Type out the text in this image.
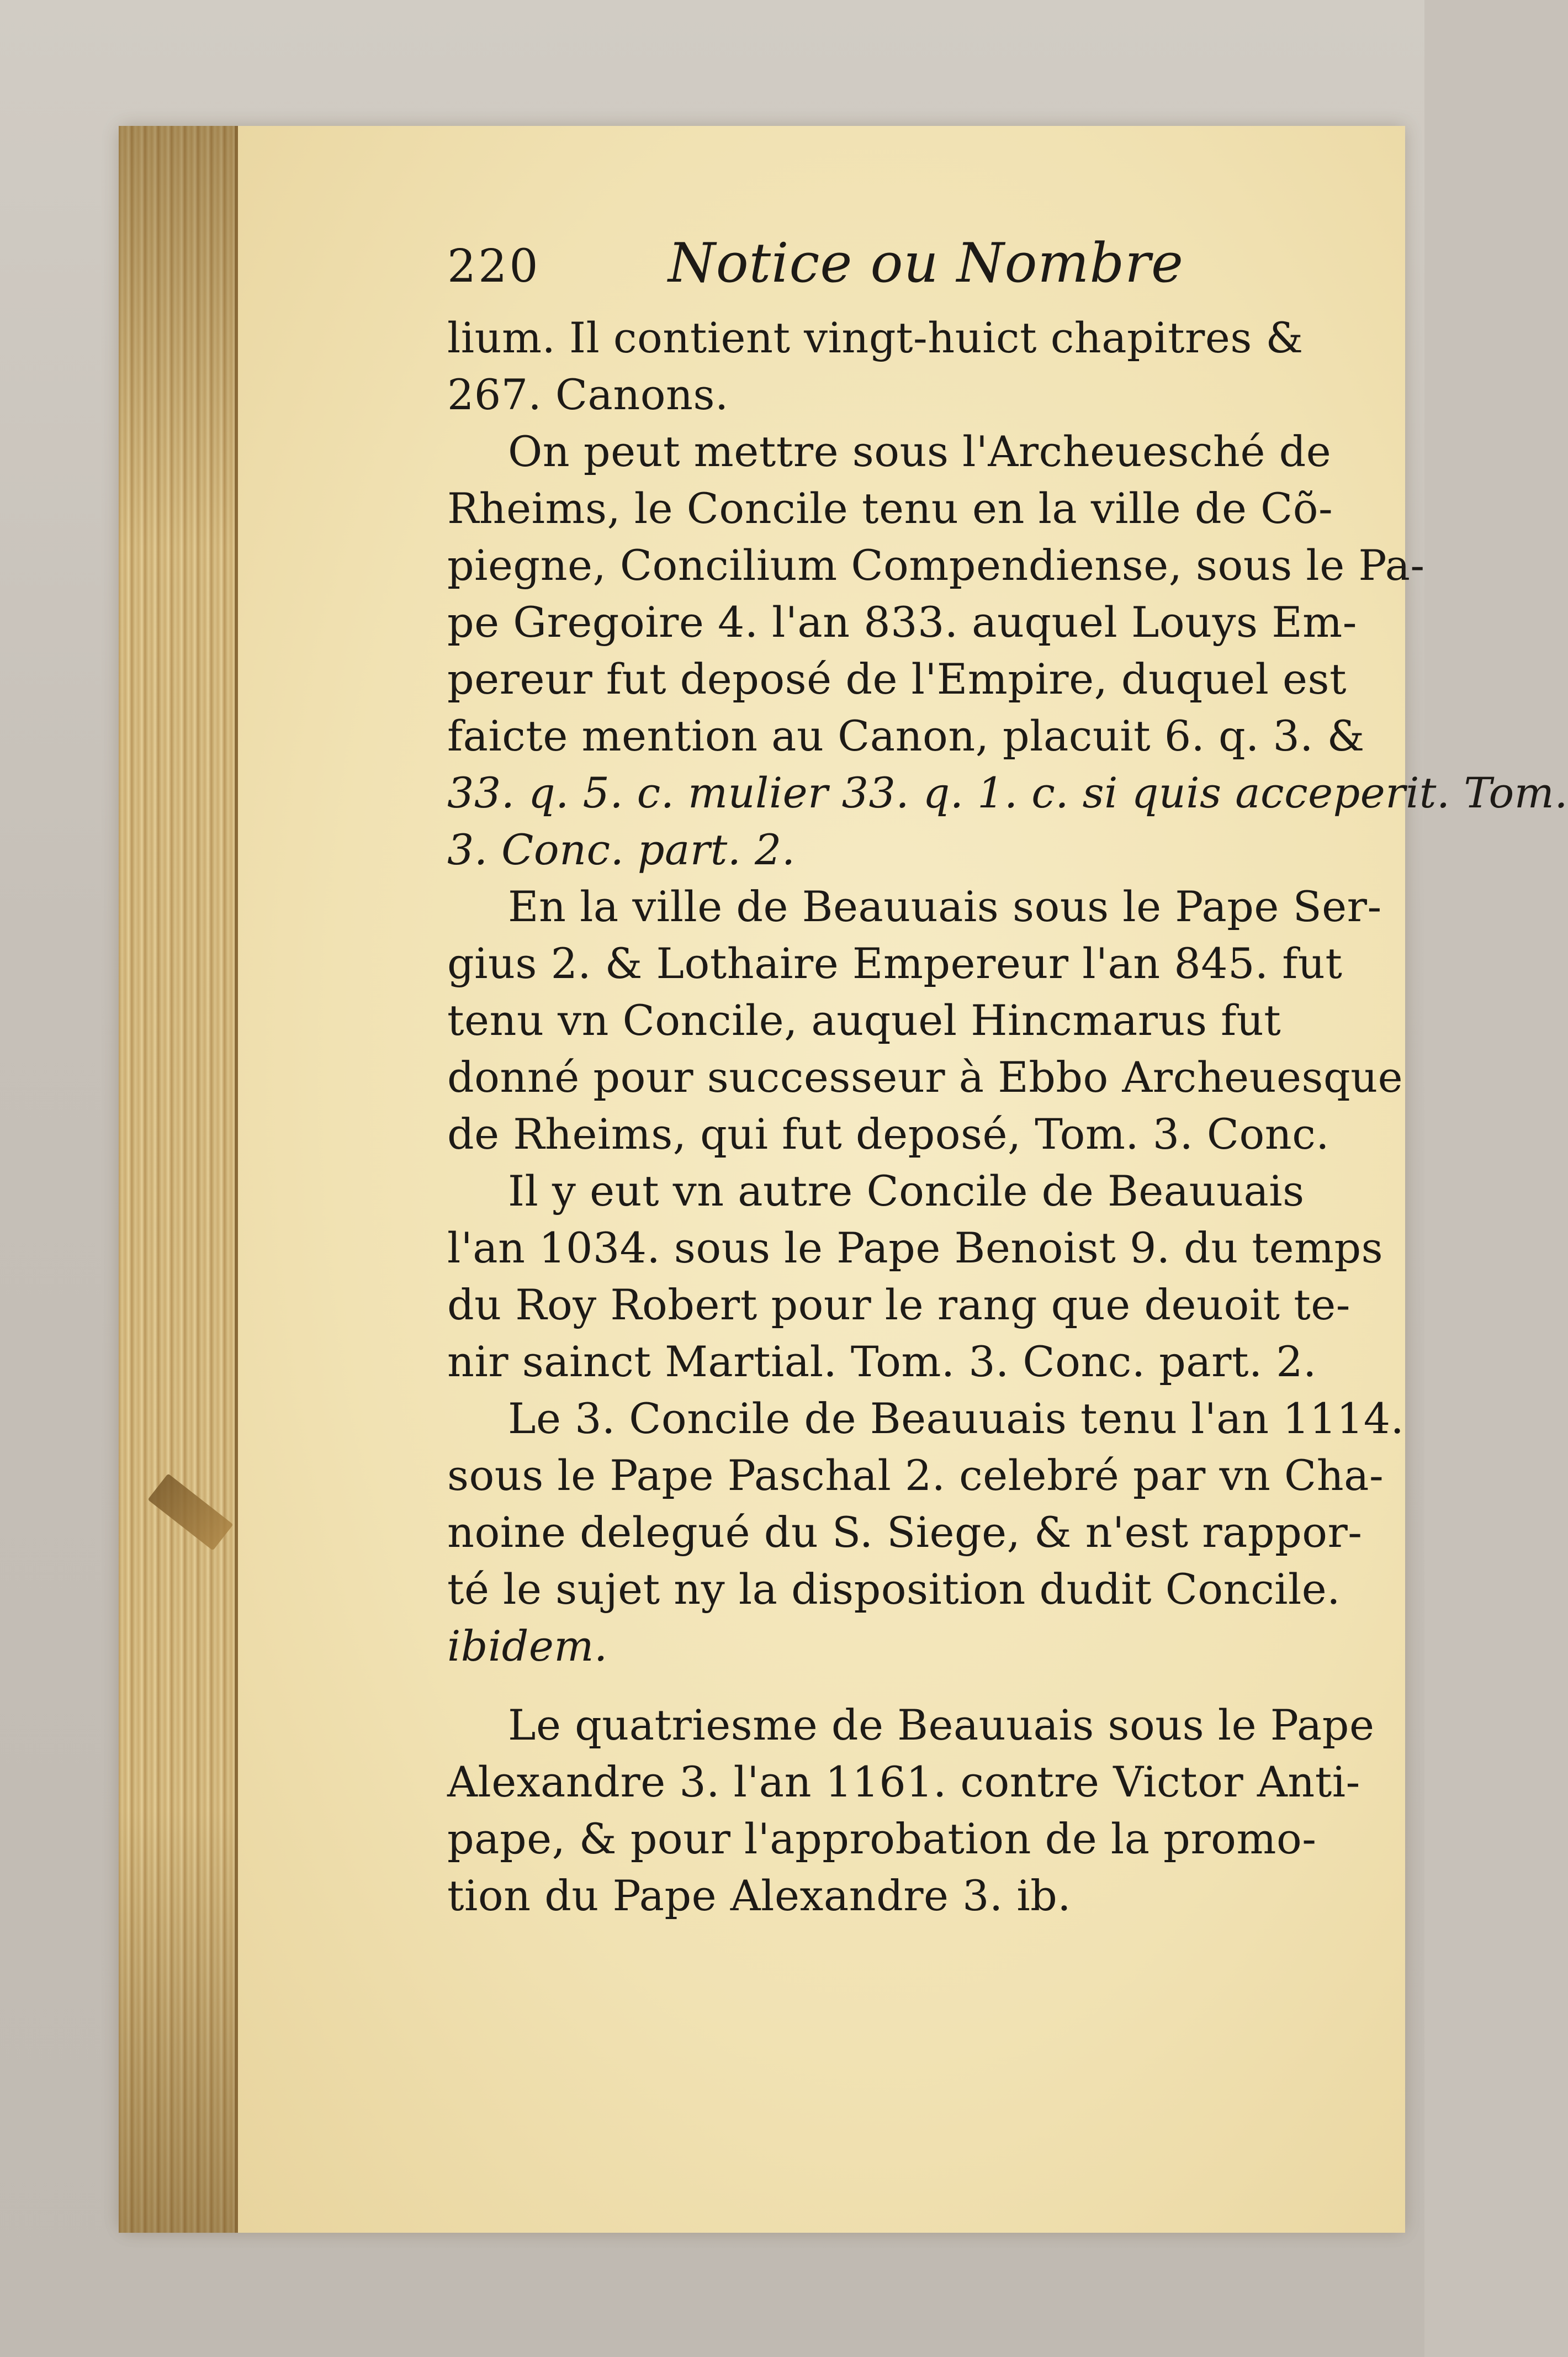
220	Notice ou Nombre
lium. Il contient vingt-huict chapitres &
267. Canons.
On peut mettre sous l'Archeuesché de
Rheims, le Concile tenu en la ville de Cõ-
piegne, Concilium Compendiense, sous le Pa-
pe Gregoire 4. l'an 833. auquel Louys Em-
pereur fut deposé de l'Empire, duquel est
faicte mention au Canon, placuit 6. q. 3. &
33. q. 5. c. mulier 33. q. 1. c. si quis acceperit. Tom.
3. Conc. part. 2.
En la ville de Beauuais sous le Pape Ser-
gius 2. & Lothaire Empereur l'an 845. fut
tenu vn Concile, auquel Hincmarus fut
donné pour successeur à Ebbo Archeuesque
de Rheims, qui fut deposé, Tom. 3. Conc.
Il y eut vn autre Concile de Beauuais
l'an 1034. sous le Pape Benoist 9. du temps
du Roy Robert pour le rang que deuoit te-
nir sainct Martial. Tom. 3. Conc. part. 2.
Le 3. Concile de Beauuais tenu l'an 1114.
sous le Pape Paschal 2. celebré par vn Cha-
noine delegué du S. Siege, & n'est rappor-
té le sujet ny la disposition dudit Concile.
ibidem.
Le quatriesme de Beauuais sous le Pape
Alexandre 3. l'an 1161. contre Victor Anti-
pape, & pour l'approbation de la promo-
tion du Pape Alexandre 3. ib.
